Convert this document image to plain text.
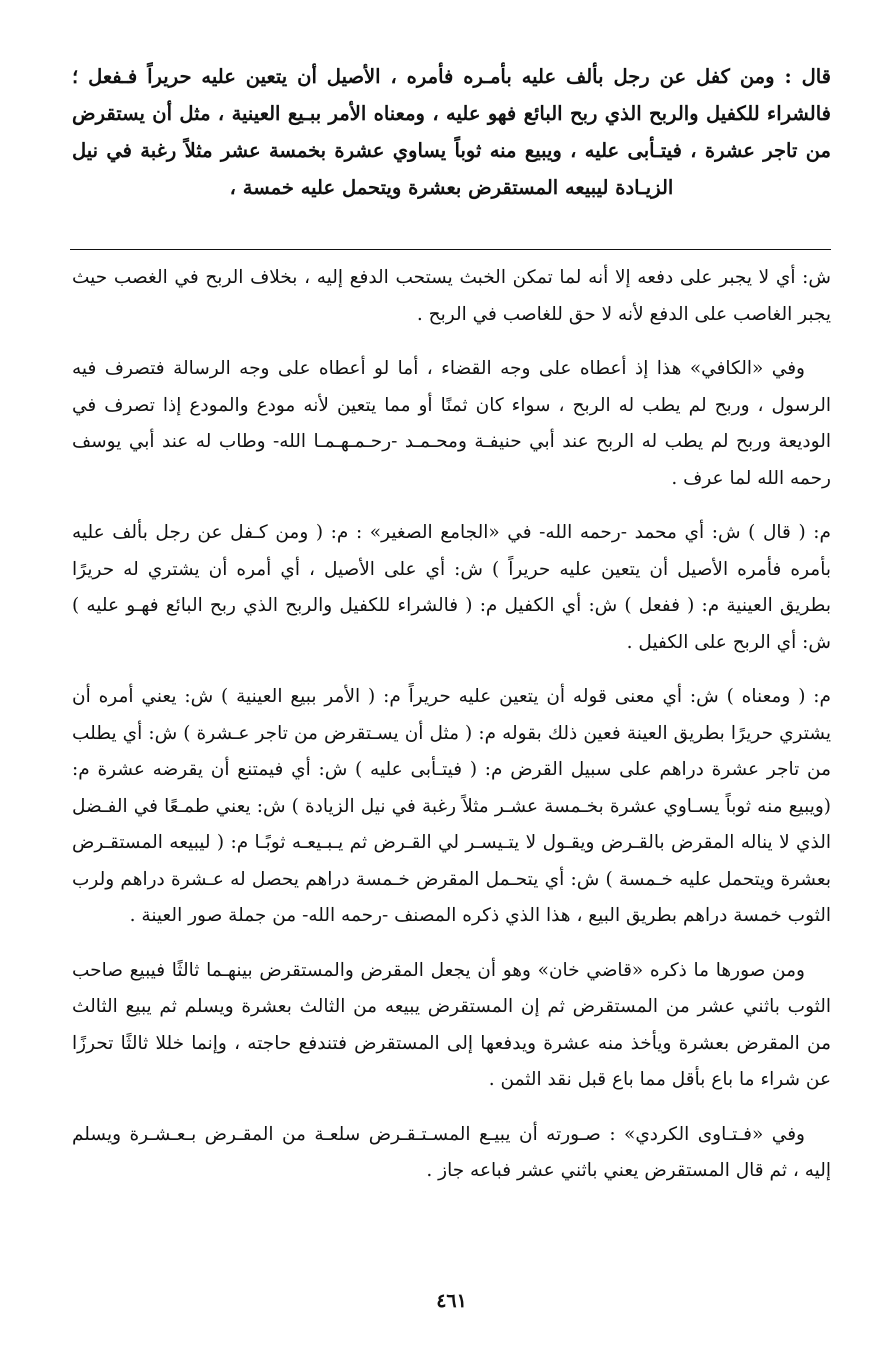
قال : ومن كفل عن رجل بألف عليه بأمـره فأمره ، الأصيل أن يتعين عليه حريراً فـفعل ؛ فالشراء للكفيل والربح الذي ربح البائع فهو عليه ، ومعناه الأمر ببـيع العينية ، مثل أن يستقرض من تاجر عشرة ، فيتـأبى عليه ، ويبيع منه ثوباً يساوي عشرة بخمسة عشر مثلاً رغبة في نيل الزيـادة ليبيعه المستقرض بعشرة ويتحمل عليه خمسة ،

ش: أي لا يجبر على دفعه إلا أنه لما تمكن الخبث يستحب الدفع إليه ، بخلاف الربح في الغصب حيث يجبر الغاصب على الدفع لأنه لا حق للغاصب في الربح .

وفي «الكافي» هذا إذ أعطاه على وجه القضاء ، أما لو أعطاه على وجه الرسالة فتصرف فيه الرسول ، وربح لم يطب له الربح ، سواء كان ثمنًا أو مما يتعين لأنه مودع والمودع إذا تصرف في الوديعة وربح لم يطب له الربح عند أبي حنيفـة ومحـمـد -رحـمـهـمـا الله- وطاب له عند أبي يوسف رحمه الله لما عرف .

م: ( قال ) ش: أي محمد -رحمه الله- في «الجامع الصغير» : م: ( ومن كـفل عن رجل بألف عليه بأمره فأمره الأصيل أن يتعين عليه حريراً ) ش: أي على الأصيل ، أي أمره أن يشتري له حريرًا بطريق العينية م: ( ففعل ) ش: أي الكفيل م: ( فالشراء للكفيل والربح الذي ربح البائع فهـو عليه ) ش: أي الربح على الكفيل .

م: ( ومعناه ) ش: أي معنى قوله أن يتعين عليه حريراً م: ( الأمر ببيع العينية ) ش: يعني أمره أن يشتري حريرًا بطريق العينة فعين ذلك بقوله م: ( مثل أن يسـتقرض من تاجر عـشرة ) ش: أي يطلب من تاجر عشرة دراهم على سبيل القرض م: ( فيتـأبى عليه ) ش: أي فيمتنع أن يقرضه عشرة م: (ويبيع منه ثوباً يسـاوي عشرة بخـمسة عشـر مثلاً رغبة في نيل الزيادة ) ش: يعني طمـعًا في الفـضل الذي لا يناله المقرض بالقـرض ويقـول لا يتـيسـر لي القـرض ثم يـبـيعـه ثوبًـا م: ( ليبيعه المستقـرض بعشرة ويتحمل عليه خـمسة ) ش: أي يتحـمل المقرض خـمسة دراهم يحصل له عـشرة دراهم ولرب الثوب خمسة دراهم بطريق البيع ، هذا الذي ذكره المصنف -رحمه الله- من جملة صور العينة .

ومن صورها ما ذكره «قاضي خان» وهو أن يجعل المقرض والمستقرض بينهـما ثالثًا فيبيع صاحب الثوب باثني عشر من المستقرض ثم إن المستقرض يبيعه من الثالث بعشرة ويسلم ثم يبيع الثالث من المقرض بعشرة ويأخذ منه عشرة ويدفعها إلى المستقرض فتندفع حاجته ، وإنما خللا ثالثًا تحرزًا عن شراء ما باع بأقل مما باع قبل نقد الثمن .

وفي «فـتـاوى الكردي» : صـورته أن يبيـع المسـتـقـرض سلعـة من المقـرض بـعـشـرة ويسلم إليه ، ثم قال المستقرض يعني باثني عشر فباعه جاز .

٤٦١
